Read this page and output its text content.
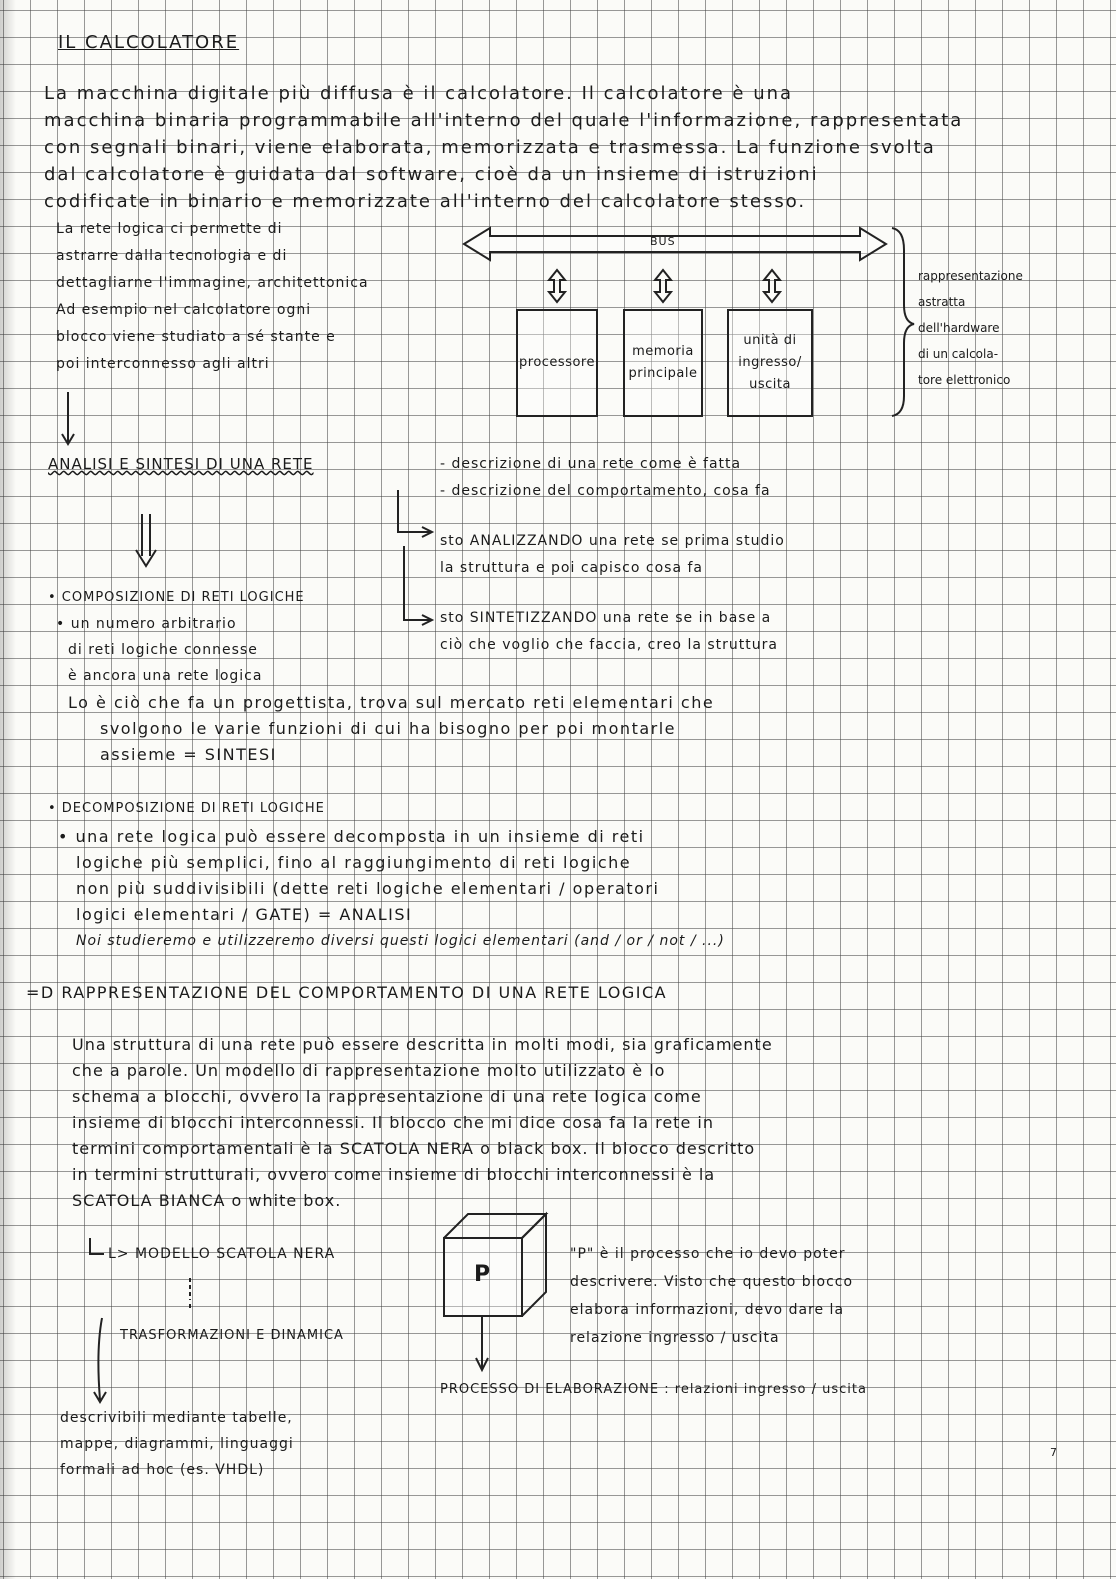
IL CALCOLATORE
La macchina digitale più diffusa è il calcolatore. Il calcolatore è una
macchina binaria programmabile all'interno del quale l'informazione, rappresentata
con segnali binari, viene elaborata, memorizzata e trasmessa. La funzione svolta
dal calcolatore è guidata dal software, cioè da un insieme di istruzioni
codificate in binario e memorizzate all'interno del calcolatore stesso.
La rete logica ci permette di
astrarre dalla tecnologia e di
dettagliarne l'immagine, architettonica
Ad esempio nel calcolatore ogni
blocco viene studiato a sé stante e
poi interconnesso agli altri
BUS
processore
memoria
principale
unità di
ingresso/
uscita
rappresentazione
astratta
dell'hardware
di un calcola-
tore elettronico
ANALISI E SINTESI DI UNA RETE	- descrizione di una rete come è fatta
- descrizione del comportamento, cosa fa
sto ANALIZZANDO una rete se prima studio
la struttura e poi capisco cosa fa
sto SINTETIZZANDO una rete se in base a
ciò che voglio che faccia, creo la struttura
• COMPOSIZIONE DI RETI LOGICHE
• un numero arbitrario
di reti logiche connesse
è ancora una rete logica
Lo è ciò che fa un progettista, trova sul mercato reti elementari che
svolgono le varie funzioni di cui ha bisogno per poi montarle
assieme = SINTESI
• DECOMPOSIZIONE DI RETI LOGICHE
• una rete logica può essere decomposta in un insieme di reti
logiche più semplici, fino al raggiungimento di reti logiche
non più suddivisibili (dette reti logiche elementari / operatori
logici elementari / GATE) = ANALISI
Noi studieremo e utilizzeremo diversi questi logici elementari (and / or / not / ...)
=D RAPPRESENTAZIONE DEL COMPORTAMENTO DI UNA RETE LOGICA
Una struttura di una rete può essere descritta in molti modi, sia graficamente
che a parole. Un modello di rappresentazione molto utilizzato è lo
schema a blocchi, ovvero la rappresentazione di una rete logica come
insieme di blocchi interconnessi. Il blocco che mi dice cosa fa la rete in
termini comportamentali è la SCATOLA NERA o black box. Il blocco descritto
in termini strutturali, ovvero come insieme di blocchi interconnessi è la
SCATOLA BIANCA o white box.
L> MODELLO SCATOLA NERA
TRASFORMAZIONI E DINAMICA
descrivibili mediante tabelle,
mappe, diagrammi, linguaggi
formali ad hoc (es. VHDL)
P
"P" è il processo che io devo poter
descrivere. Visto che questo blocco
elabora informazioni, devo dare la
relazione ingresso / uscita
PROCESSO DI ELABORAZIONE : relazioni ingresso / uscita
7
